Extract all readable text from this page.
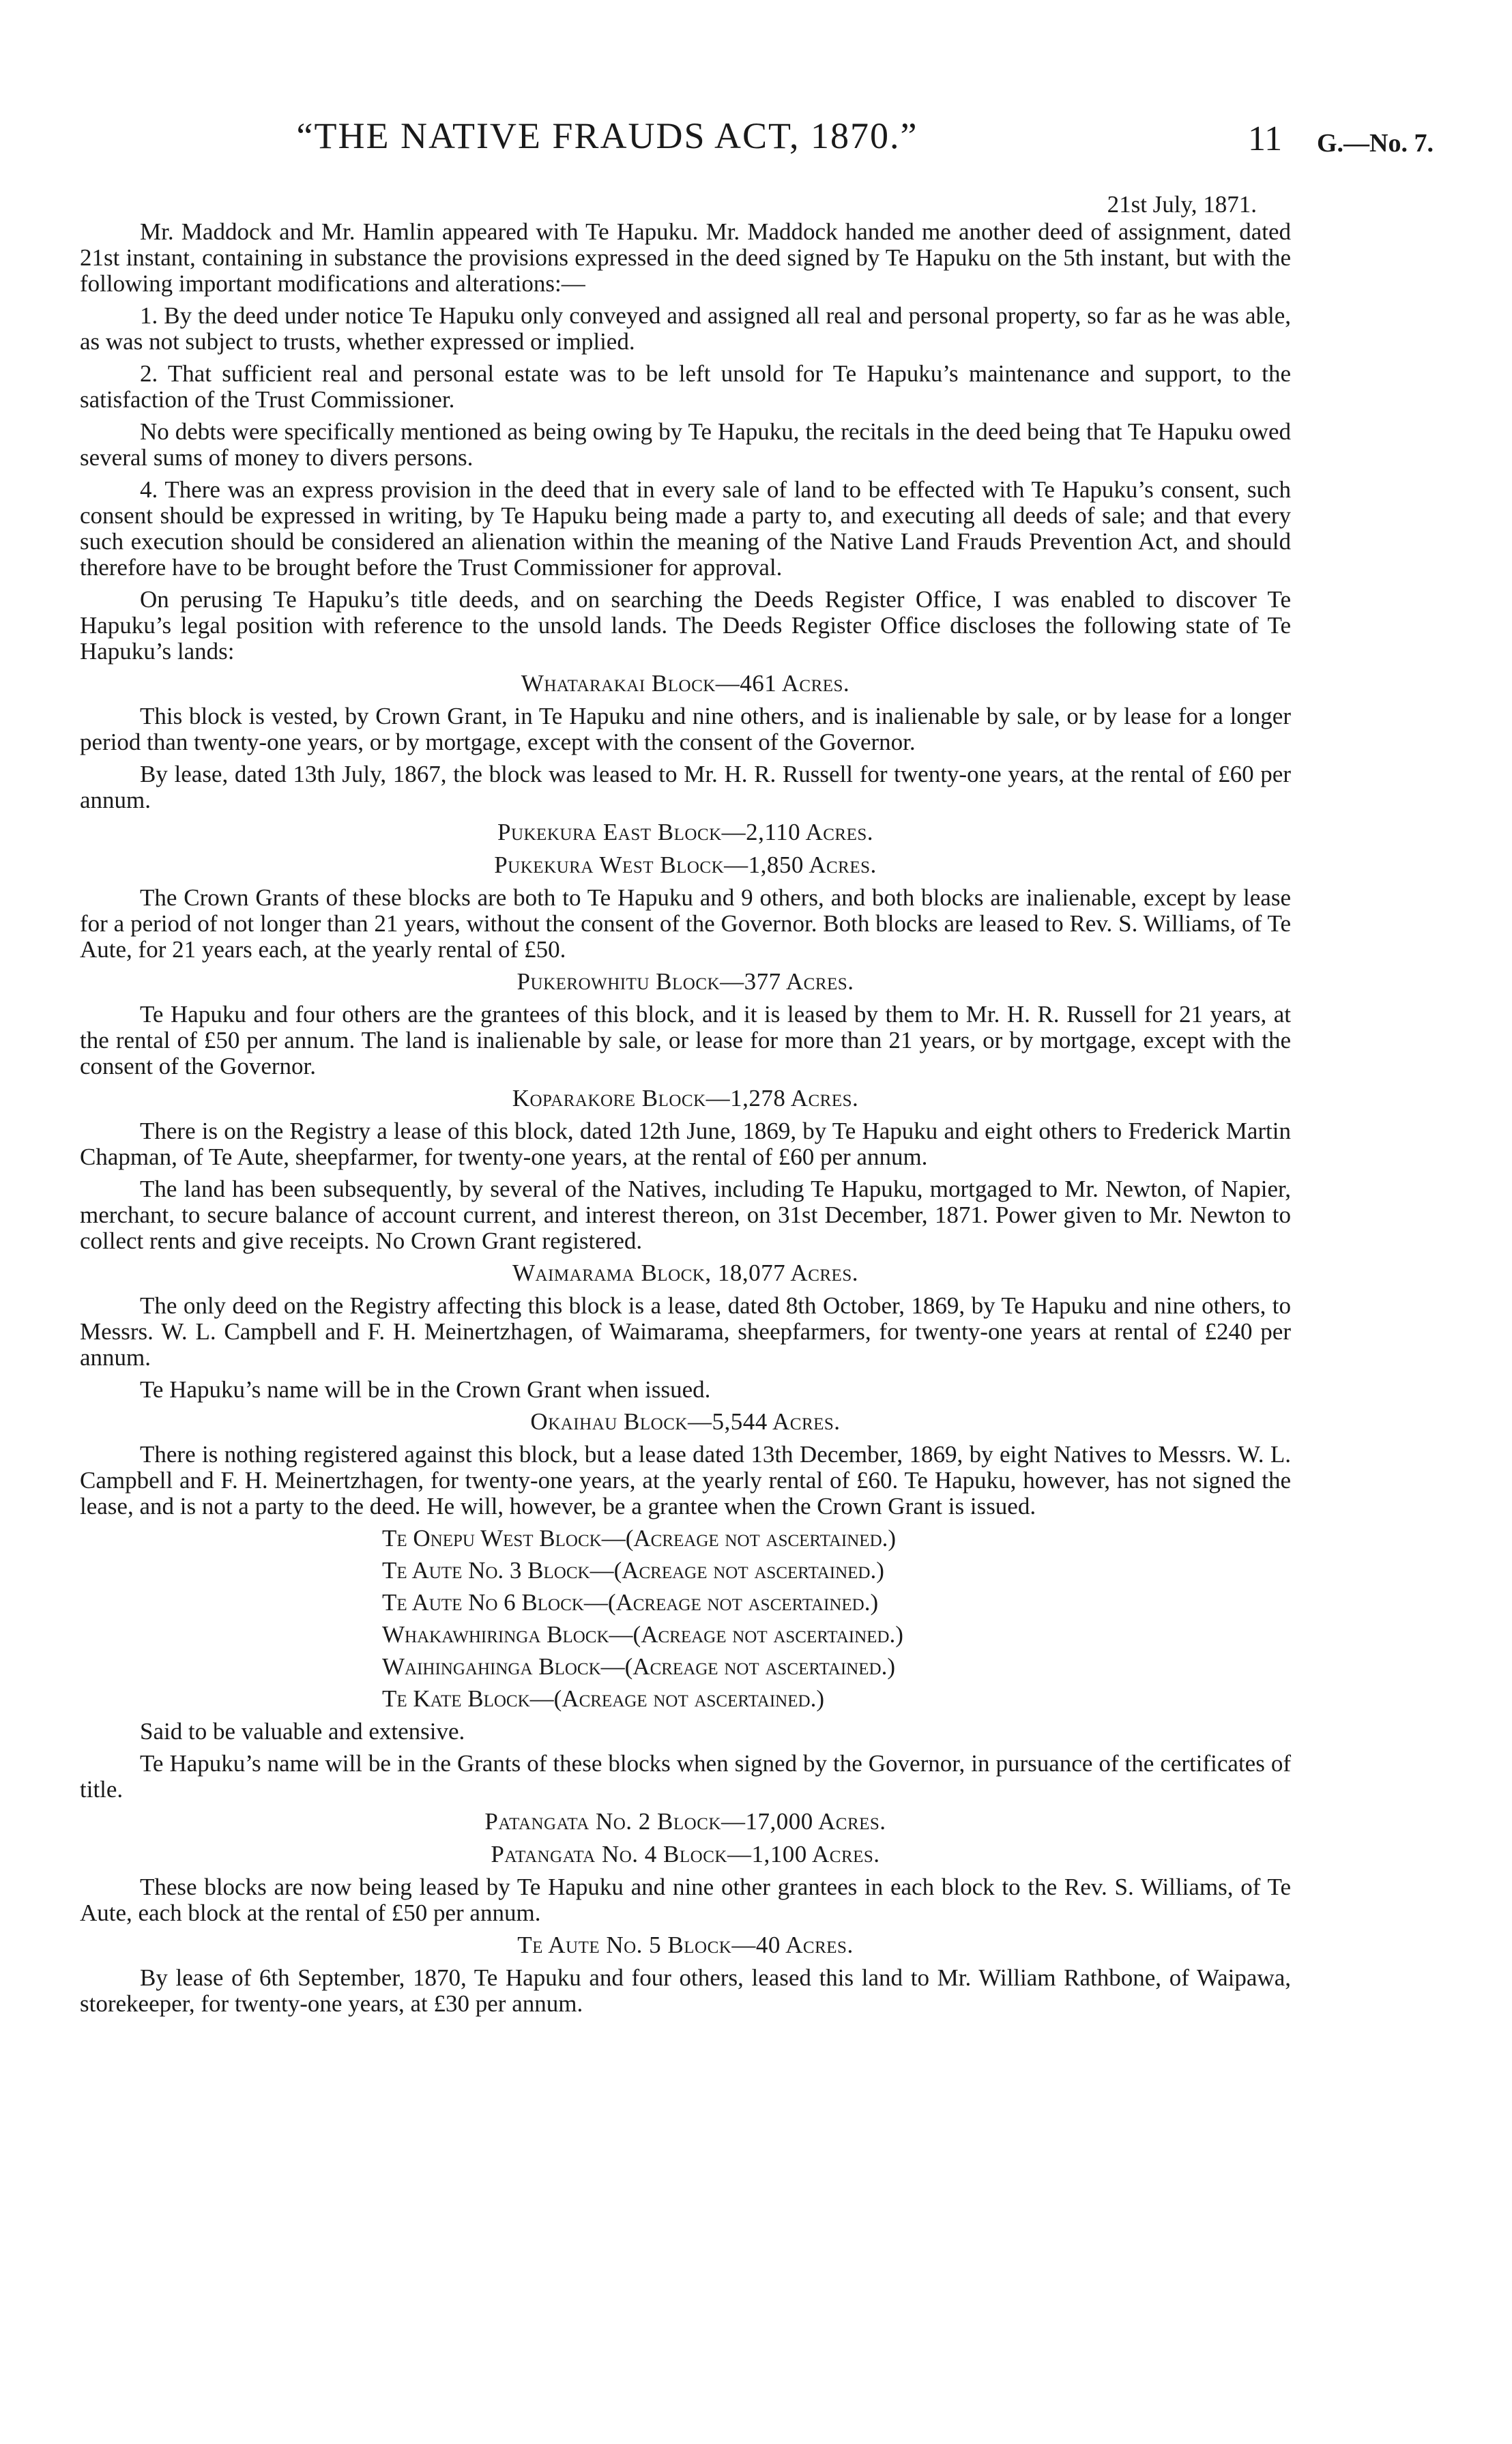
“THE NATIVE FRAUDS ACT, 1870.”	11 G.—No. 7.
21st July, 1871.

Mr. Maddock and Mr. Hamlin appeared with Te Hapuku. Mr. Maddock handed me another deed of assignment, dated 21st instant, containing in substance the provisions expressed in the deed signed by Te Hapuku on the 5th instant, but with the following important modifications and alterations:—

1. By the deed under notice Te Hapuku only conveyed and assigned all real and personal property, so far as he was able, as was not subject to trusts, whether expressed or implied.

2. That sufficient real and personal estate was to be left unsold for Te Hapuku’s maintenance and support, to the satisfaction of the Trust Commissioner.

No debts were specifically mentioned as being owing by Te Hapuku, the recitals in the deed being that Te Hapuku owed several sums of money to divers persons.

4. There was an express provision in the deed that in every sale of land to be effected with Te Hapuku’s consent, such consent should be expressed in writing, by Te Hapuku being made a party to, and executing all deeds of sale; and that every such execution should be considered an alienation within the meaning of the Native Land Frauds Prevention Act, and should therefore have to be brought before the Trust Commissioner for approval.

On perusing Te Hapuku’s title deeds, and on searching the Deeds Register Office, I was enabled to discover Te Hapuku’s legal position with reference to the unsold lands. The Deeds Register Office discloses the following state of Te Hapuku’s lands:

Whatarakai Block—461 Acres.

This block is vested, by Crown Grant, in Te Hapuku and nine others, and is inalienable by sale, or by lease for a longer period than twenty-one years, or by mortgage, except with the consent of the Governor.

By lease, dated 13th July, 1867, the block was leased to Mr. H. R. Russell for twenty-one years, at the rental of £60 per annum.

Pukekura East Block—2,110 Acres.
Pukekura West Block—1,850 Acres.

The Crown Grants of these blocks are both to Te Hapuku and 9 others, and both blocks are inalienable, except by lease for a period of not longer than 21 years, without the consent of the Governor. Both blocks are leased to Rev. S. Williams, of Te Aute, for 21 years each, at the yearly rental of £50.

Pukerowhitu Block—377 Acres.

Te Hapuku and four others are the grantees of this block, and it is leased by them to Mr. H. R. Russell for 21 years, at the rental of £50 per annum. The land is inalienable by sale, or lease for more than 21 years, or by mortgage, except with the consent of the Governor.

Koparakore Block—1,278 Acres.

There is on the Registry a lease of this block, dated 12th June, 1869, by Te Hapuku and eight others to Frederick Martin Chapman, of Te Aute, sheepfarmer, for twenty-one years, at the rental of £60 per annum.

The land has been subsequently, by several of the Natives, including Te Hapuku, mortgaged to Mr. Newton, of Napier, merchant, to secure balance of account current, and interest thereon, on 31st December, 1871. Power given to Mr. Newton to collect rents and give receipts. No Crown Grant registered.

Waimarama Block, 18,077 Acres.

The only deed on the Registry affecting this block is a lease, dated 8th October, 1869, by Te Hapuku and nine others, to Messrs. W. L. Campbell and F. H. Meinertzhagen, of Waimarama, sheepfarmers, for twenty-one years at rental of £240 per annum.

Te Hapuku’s name will be in the Crown Grant when issued.

Okaihau Block—5,544 Acres.

There is nothing registered against this block, but a lease dated 13th December, 1869, by eight Natives to Messrs. W. L. Campbell and F. H. Meinertzhagen, for twenty-one years, at the yearly rental of £60. Te Hapuku, however, has not signed the lease, and is not a party to the deed. He will, however, be a grantee when the Crown Grant is issued.

Te Onepu West Block—(Acreage not ascertained.)
Te Aute No. 3 Block—(Acreage not ascertained.)
Te Aute No 6 Block—(Acreage not ascertained.)
Whakawhiringa Block—(Acreage not ascertained.)
Waihingahinga Block—(Acreage not ascertained.)
Te Kate Block—(Acreage not ascertained.)
Said to be valuable and extensive.

Te Hapuku’s name will be in the Grants of these blocks when signed by the Governor, in pursuance of the certificates of title.

Patangata No. 2 Block—17,000 Acres.
Patangata No. 4 Block—1,100 Acres.

These blocks are now being leased by Te Hapuku and nine other grantees in each block to the Rev. S. Williams, of Te Aute, each block at the rental of £50 per annum.

Te Aute No. 5 Block—40 Acres.

By lease of 6th September, 1870, Te Hapuku and four others, leased this land to Mr. William Rathbone, of Waipawa, storekeeper, for twenty-one years, at £30 per annum.
